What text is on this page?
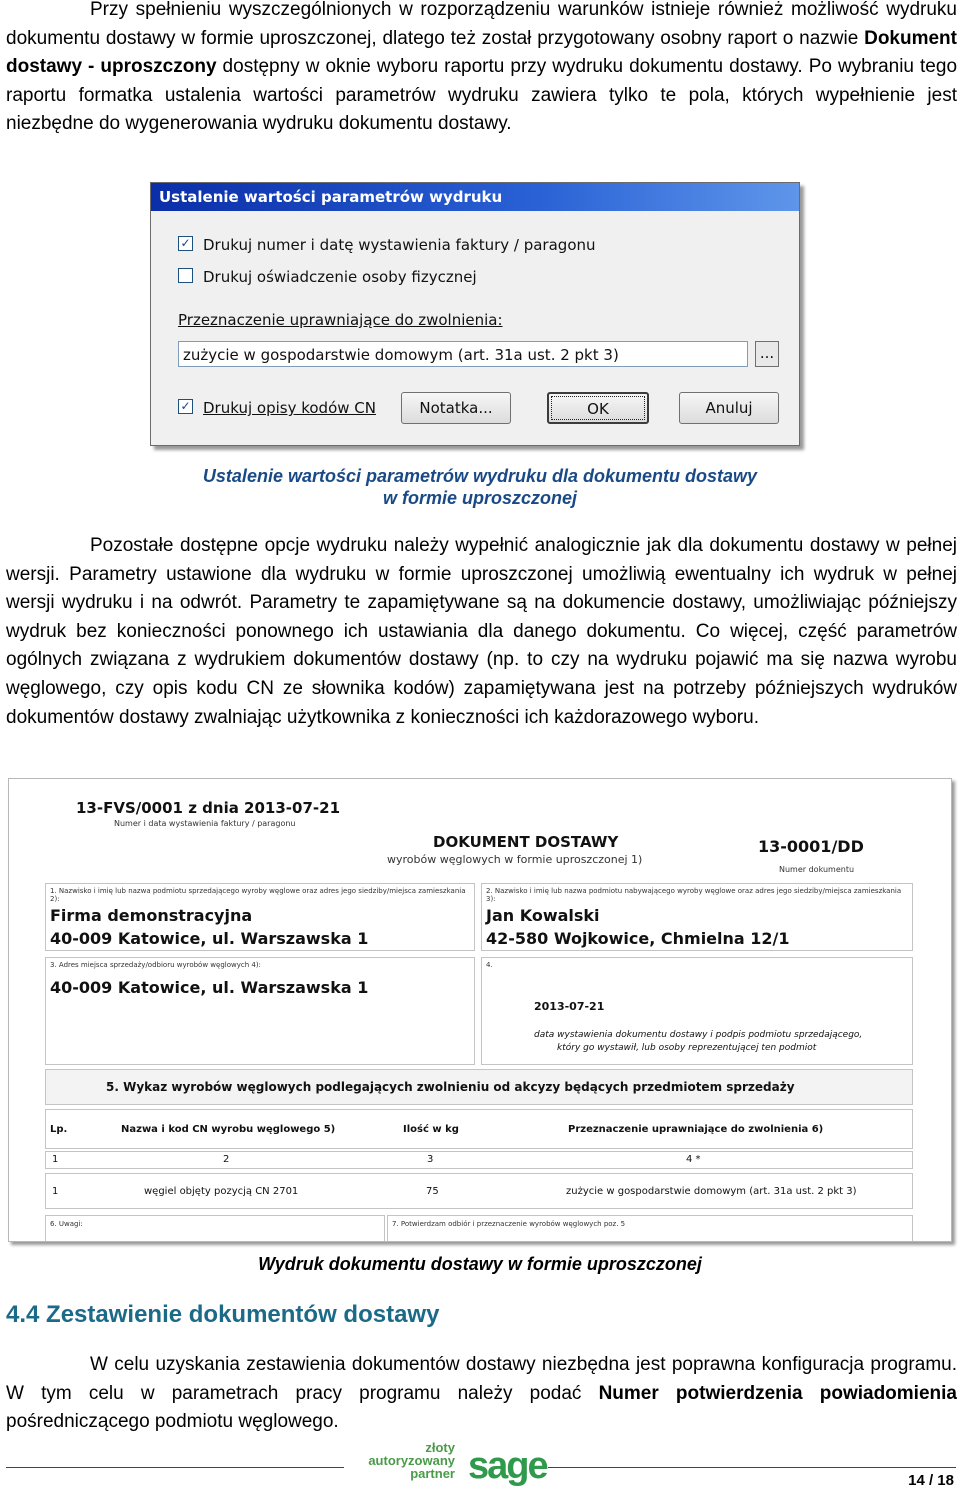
Przy spełnieniu wyszczególnionych w rozporządzeniu warunków istnieje również możliwość wydruku dokumentu dostawy w formie uproszczonej, dlatego też został przygotowany osobny raport o nazwie Dokument dostawy - uproszczony dostępny w oknie wyboru raportu przy wydruku dokumentu dostawy. Po wybraniu tego raportu formatka ustalenia wartości parametrów wydruku zawiera tylko te pola, których wypełnienie jest niezbędne do wygenerowania wydruku dokumentu dostawy.

Ustalenie wartości parametrów wydruku
✓ Drukuj numer i datę wystawienia faktury / paragonu
Drukuj oświadczenie osoby fizycznej
Przeznaczenie uprawniające do zwolnienia:
zużycie w gospodarstwie domowym (art. 31a ust. 2 pkt 3)	...
✓ Drukuj opisy kodów CN	Notatka...	OK	Anuluj
Ustalenie wartości parametrów wydruku dla dokumentu dostawy
w formie uproszczonej

Pozostałe dostępne opcje wydruku należy wypełnić analogicznie jak dla dokumentu dostawy w pełnej wersji. Parametry ustawione dla wydruku w formie uproszczonej umożliwią ewentualny ich wydruk w pełnej wersji wydruku i na odwrót. Parametry te zapamiętywane są na dokumencie dostawy, umożliwiając późniejszy wydruk bez konieczności ponownego ich ustawiania dla danego dokumentu. Co więcej, część parametrów ogólnych związana z wydrukiem dokumentów dostawy (np. to czy na wydruku pojawić ma się nazwa wyrobu węglowego, czy opis kodu CN ze słownika kodów) zapamiętywana jest na potrzeby późniejszych wydruków dokumentów dostawy zwalniając użytkownika z konieczności ich każdorazowego wyboru.

13-FVS/0001 z dnia 2013-07-21
Numer i data wystawienia faktury / paragonu
DOKUMENT DOSTAWY
wyrobów węglowych w formie uproszczonej 1)
13-0001/DD
Numer dokumentu
1. Nazwisko i imię lub nazwa podmiotu sprzedającego wyroby węglowe oraz adres jego siedziby/miejsca zamieszkania 2):
Firma demonstracyjna
40-009 Katowice, ul. Warszawska 1
2. Nazwisko i imię lub nazwa podmiotu nabywającego wyroby węglowe oraz adres jego siedziby/miejsca zamieszkania 3):
Jan Kowalski
42-580 Wojkowice, Chmielna 12/1
3. Adres miejsca sprzedaży/odbioru wyrobów węglowych 4):
40-009 Katowice, ul. Warszawska 1
4.
2013-07-21
data wystawienia dokumentu dostawy i podpis podmiotu sprzedającego,
który go wystawił, lub osoby reprezentującej ten podmiot
5. Wykaz wyrobów węglowych podlegających zwolnieniu od akcyzy będących przedmiotem sprzedaży
Lp.	Nazwa i kod CN wyrobu węglowego 5)	Ilość w kg	Przeznaczenie uprawniające do zwolnienia 6)
1	2	3	4 *
1	węgiel objęty pozycją CN 2701	75	zużycie w gospodarstwie domowym (art. 31a ust. 2 pkt 3)
6. Uwagi:	7. Potwierdzam odbiór i przeznaczenie wyrobów węglowych poz. 5
Wydruk dokumentu dostawy w formie uproszczonej
4.4 Zestawienie dokumentów dostawy

W celu uzyskania zestawienia dokumentów dostawy niezbędna jest poprawna konfiguracja programu. W tym celu w parametrach pracy programu należy podać Numer potwierdzenia powiadomienia pośredniczącego podmiotu węglowego.

złoty
autoryzowany
partner sage	14 / 18
